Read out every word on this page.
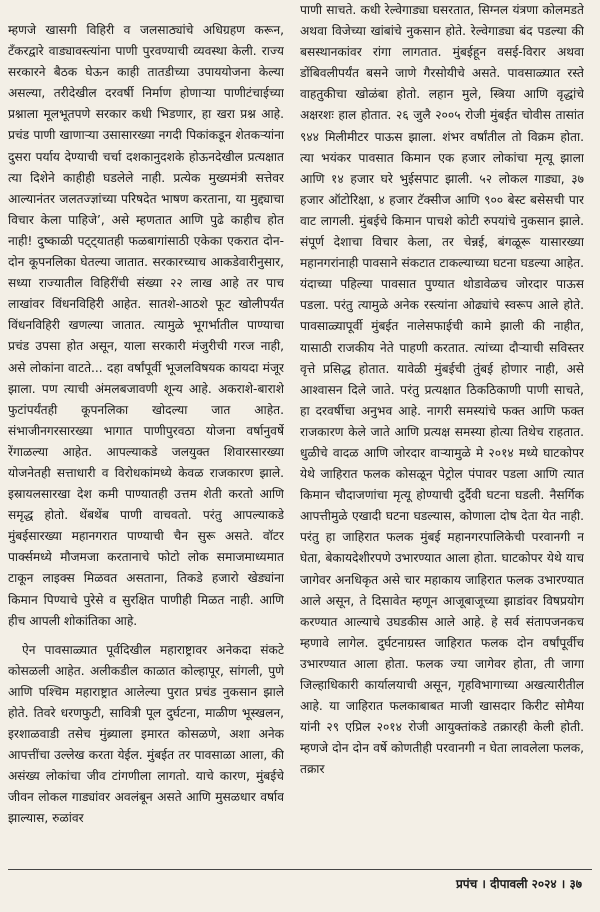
म्हणजे खासगी विहिरी व जलसाठ्यांचे अधिग्रहण करून, टँकरद्वारे वाड्यावस्त्यांना पाणी पुरवण्याची व्यवस्था केली. राज्य सरकारने बैठक घेऊन काही तातडीच्या उपाययोजना केल्या असल्या, तरीदेखील दरवर्षी निर्माण होणाऱ्या पाणीटंचाईच्या प्रश्नाला मूलभूतपणे सरकार कधी भिडणार, हा खरा प्रश्न आहे. प्रचंड पाणी खाणाऱ्या उसासारख्या नगदी पिकांकडून शेतकऱ्यांना दुसरा पर्याय देण्याची चर्चा दशकानुदशके होऊनदेखील प्रत्यक्षात त्या दिशेने काहीही घडलेले नाही. प्रत्येक मुख्यमंत्री सत्तेवर आल्यानंतर जलतज्ज्ञांच्या परिषदेत भाषण करताना, या मुद्द्याचा विचार केला पाहिजे’, असे म्हणतात आणि पुढे काहीच होत नाही! दुष्काळी पट्ट्यातही फळबागांसाठी एकेका एकरात दोन-दोन कूपनलिका घेतल्या जातात. सरकारच्याच आकडेवारीनुसार, सध्या राज्यातील विहिरींची संख्या २२ लाख आहे तर पाच लाखांवर विंधनविहिरी आहेत. सातशे-आठशे फूट खोलीपर्यंत विंधनविहिरी खणल्या जातात. त्यामुळे भूगर्भातील पाण्याचा प्रचंड उपसा होत असून, याला सरकारी मंजुरीची गरज नाही, असे लोकांना वाटते... दहा वर्षांपूर्वी भूजलविषयक कायदा मंजूर झाला. पण त्याची अंमलबजावणी शून्य आहे. अकराशे-बाराशे फुटांपर्यंतही कूपनलिका खोदल्या जात आहेत. संभाजीनगरसारख्या भागात पाणीपुरवठा योजना वर्षानुवर्षे रेंगाळल्या आहेत. आपल्याकडे जलयुक्त शिवारसारख्या योजनेतही सत्ताधारी व विरोधकांमध्ये केवळ राजकारण झाले. इस्रायलसारखा देश कमी पाण्यातही उत्तम शेती करतो आणि समृद्ध होतो. थेंबथेंब पाणी वाचवतो. परंतु आपल्याकडे मुंबईसारख्या महानगरात पाण्याची चैन सुरू असते. वॉटर पार्क्समध्ये मौजमजा करतानाचे फोटो लोक समाजमाध्यमात टाकून लाइक्स मिळवत असताना, तिकडे हजारो खेड्यांना किमान पिण्याचे पुरेसे व सुरक्षित पाणीही मिळत नाही. आणि हीच आपली शोकांतिका आहे.

ऐन पावसाळ्यात पूर्वदिखील महाराष्ट्रावर अनेकदा संकटे कोसळली आहेत. अलीकडील काळात कोल्हापूर, सांगली, पुणे आणि पश्चिम महाराष्ट्रात आलेल्या पुरात प्रचंड नुकसान झाले होते. तिवरे धरणफुटी, सावित्री पूल दुर्घटना, माळीण भूस्खलन, इरशाळवाडी तसेच मुंब्र्याला इमारत कोसळणे, अशा अनेक आपत्तींचा उल्लेख करता येईल. मुंबईत तर पावसाळा आला, की असंख्य लोकांचा जीव टांगणीला लागतो. याचे कारण, मुंबईचे जीवन लोकल गाड्यांवर अवलंबून असते आणि मुसळधार वर्षाव झाल्यास, रुळांवर

पाणी साचते. कधी रेल्वेगाड्या घसरतात, सिग्नल यंत्रणा कोलमडते अथवा विजेच्या खांबांचे नुकसान होते. रेल्वेगाड्या बंद पडल्या की बसस्थानकांवर रांगा लागतात. मुंबईहून वसई-विरार अथवा डोंबिवलीपर्यंत बसने जाणे गैरसोयीचे असते. पावसाळ्यात रस्ते वाहतुकीचा खोळंबा होतो. लहान मुले, स्त्रिया आणि वृद्धांचे अक्षरशः हाल होतात. २६ जुलै २००५ रोजी मुंबईत चोवीस तासांत ९४४ मिलीमीटर पाऊस झाला. शंभर वर्षांतील तो विक्रम होता. त्या भयंकर पावसात किमान एक हजार लोकांचा मृत्यू झाला आणि १४ हजार घरे भुईसपाट झाली. ५२ लोकल गाड्या, ३७ हजार ऑटोरिक्षा, ४ हजार टॅक्सीज आणि ९०० बेस्ट बसेसची पार वाट लागली. मुंबईचे किमान पाचशे कोटी रुपयांचे नुकसान झाले. संपूर्ण देशाचा विचार केला, तर चेन्नई, बंगळूरू यासारख्या महानगरांनाही पावसाने संकटात टाकल्याच्या घटना घडल्या आहेत. यंदाच्या पहिल्या पावसात पुण्यात थोडावेळच जोरदार पाऊस पडला. परंतु त्यामुळे अनेक रस्त्यांना ओढ्यांचे स्वरूप आले होते. पावसाळ्यापूर्वी मुंबईत नालेसफाईची कामे झाली की नाहीत, यासाठी राजकीय नेते पाहणी करतात. त्यांच्या दौऱ्याची सविस्तर वृत्ते प्रसिद्ध होतात. यावेळी मुंबईची तुंबई होणार नाही, असे आश्वासन दिले जाते. परंतु प्रत्यक्षात ठिकठिकाणी पाणी साचते, हा दरवर्षीचा अनुभव आहे. नागरी समस्यांचे फक्त आणि फक्त राजकारण केले जाते आणि प्रत्यक्ष समस्या होत्या तिथेच राहतात. धुळीचे वादळ आणि जोरदार वाऱ्यामुळे मे २०१४ मध्ये घाटकोपर येथे जाहिरात फलक कोसळून पेट्रोल पंपावर पडला आणि त्यात किमान चौदाजणांचा मृत्यू होण्याची दुर्दैवी घटना घडली. नैसर्गिक आपत्तीमुळे एखादी घटना घडल्यास, कोणाला दोष देता येत नाही. परंतु हा जाहिरात फलक मुंबई महानगरपालिकेची परवानगी न घेता, बेकायदेशीरपणे उभारण्यात आला होता. घाटकोपर येथे याच जागेवर अनधिकृत असे चार महाकाय जाहिरात फलक उभारण्यात आले असून, ते दिसावेत म्हणून आजूबाजूच्या झाडांवर विषप्रयोग करण्यात आल्याचे उघडकीस आले आहे. हे सर्व संतापजनकच म्हणावे लागेल. दुर्घटनाग्रस्त जाहिरात फलक दोन वर्षांपूर्वीच उभारण्यात आला होता. फलक ज्या जागेवर होता, ती जागा जिल्हाधिकारी कार्यालयाची असून, गृहविभागाच्या अखत्यारीतील आहे. या जाहिरात फलकाबाबत माजी खासदार किरीट सोमैया यांनी २९ एप्रिल २०१४ रोजी आयुक्तांकडे तक्रारही केली होती. म्हणजे दोन दोन वर्षे कोणतीही परवानगी न घेता लावलेला फलक, तक्रार

प्रपंच । दीपावली २०२४ । ३७
